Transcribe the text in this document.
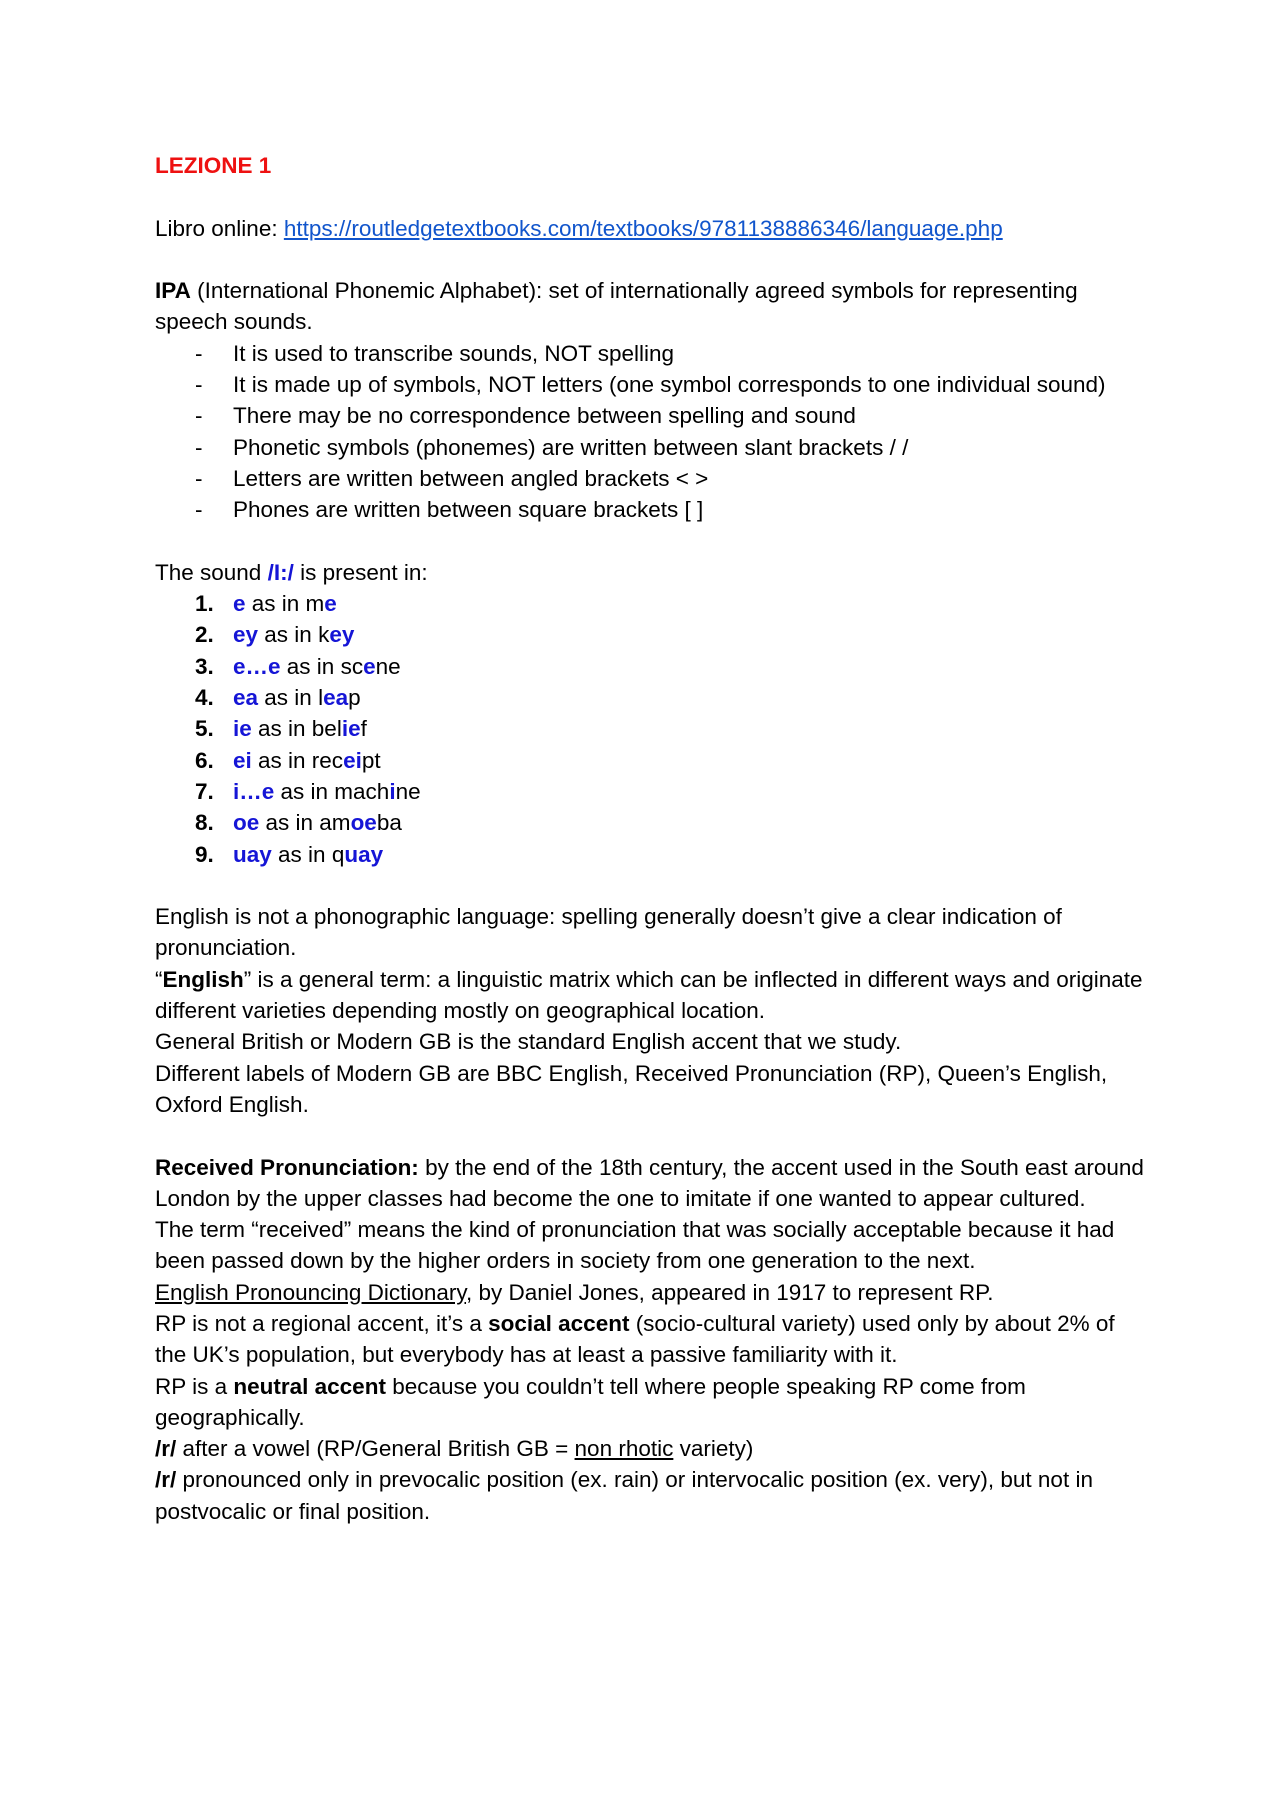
LEZIONE 1

Libro online: https://routledgetextbooks.com/textbooks/9781138886346/language.php

IPA (International Phonemic Alphabet): set of internationally agreed symbols for representing speech sounds.

- It is used to transcribe sounds, NOT spelling
- It is made up of symbols, NOT letters (one symbol corresponds to one individual sound)
- There may be no correspondence between spelling and sound
- Phonetic symbols (phonemes) are written between slant brackets / /
- Letters are written between angled brackets < >
- Phones are written between square brackets [ ]

The sound /I:/ is present in:

1. e as in me
2. ey as in key
3. e…e as in scene
4. ea as in leap
5. ie as in belief
6. ei as in receipt
7. i…e as in machine
8. oe as in amoeba
9. uay as in quay

English is not a phonographic language: spelling generally doesn’t give a clear indication of pronunciation.

“English” is a general term: a linguistic matrix which can be inflected in different ways and originate different varieties depending mostly on geographical location.

General British or Modern GB is the standard English accent that we study.

Different labels of Modern GB are BBC English, Received Pronunciation (RP), Queen’s English, Oxford English.

Received Pronunciation: by the end of the 18th century, the accent used in the South east around London by the upper classes had become the one to imitate if one wanted to appear cultured.

The term “received” means the kind of pronunciation that was socially acceptable because it had been passed down by the higher orders in society from one generation to the next.

English Pronouncing Dictionary, by Daniel Jones, appeared in 1917 to represent RP.

RP is not a regional accent, it’s a social accent (socio-cultural variety) used only by about 2% of the UK’s population, but everybody has at least a passive familiarity with it.

RP is a neutral accent because you couldn’t tell where people speaking RP come from geographically.

/r/ after a vowel (RP/General British GB = non rhotic variety)

/r/ pronounced only in prevocalic position (ex. rain) or intervocalic position (ex. very), but not in postvocalic or final position.
